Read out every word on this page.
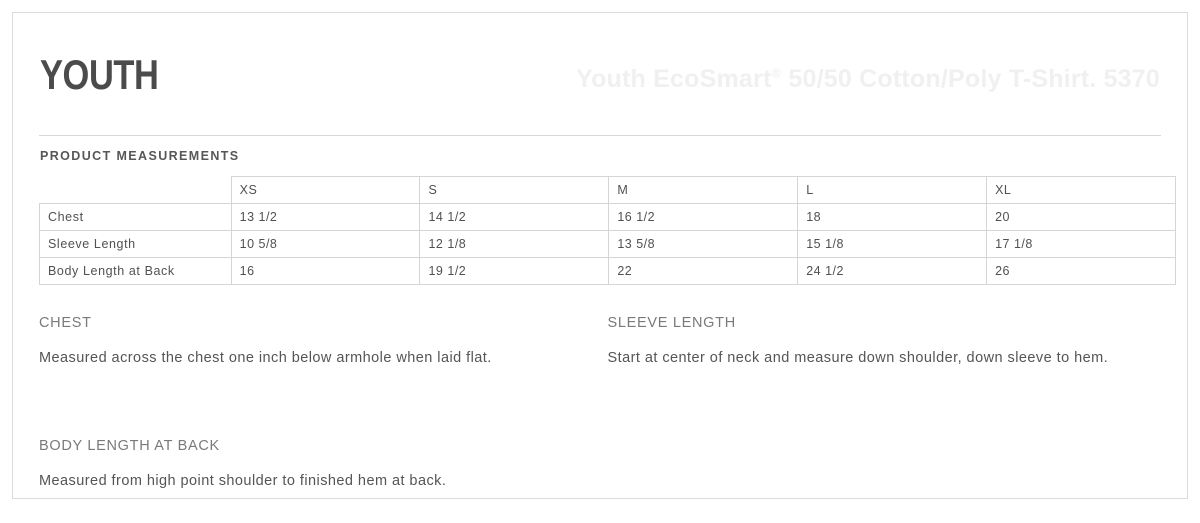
YOUTH	Youth EcoSmart® 50/50 Cotton/Poly T-Shirt. 5370
PRODUCT MEASUREMENTS
	XS	S	M	L	XL
Chest	13 1/2	14 1/2	16 1/2	18	20
Sleeve Length	10 5/8	12 1/8	13 5/8	15 1/8	17 1/8
Body Length at Back	16	19 1/2	22	24 1/2	26
CHEST
Measured across the chest one inch below armhole when laid flat.
SLEEVE LENGTH
Start at center of neck and measure down shoulder, down sleeve to hem.
BODY LENGTH AT BACK
Measured from high point shoulder to finished hem at back.
